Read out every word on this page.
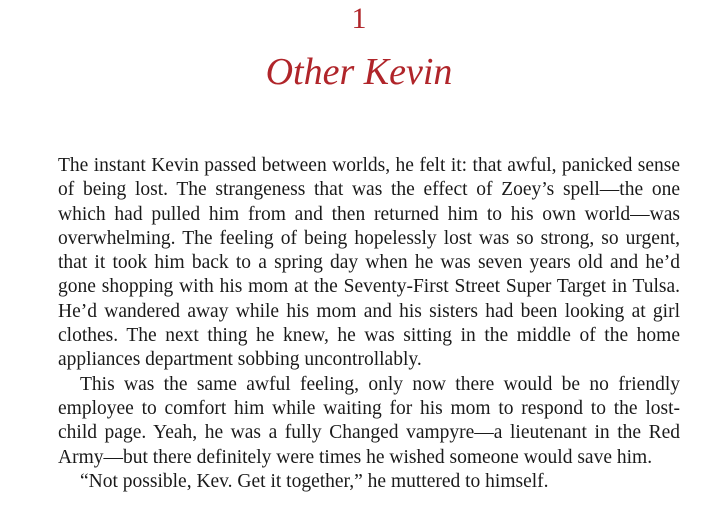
1
Other Kevin

The instant Kevin passed between worlds, he felt it: that awful, panicked sense of being lost. The strangeness that was the effect of Zoey’s spell—the one which had pulled him from and then returned him to his own world—was overwhelming. The feeling of being hopelessly lost was so strong, so urgent, that it took him back to a spring day when he was seven years old and he’d gone shopping with his mom at the Seventy-First Street Super Target in Tulsa. He’d wandered away while his mom and his sisters had been looking at girl clothes. The next thing he knew, he was sitting in the middle of the home appliances department sobbing uncontrollably.

This was the same awful feeling, only now there would be no friendly employee to comfort him while waiting for his mom to respond to the lost-child page. Yeah, he was a fully Changed vampyre—a lieutenant in the Red Army—but there definitely were times he wished someone would save him.

“Not possible, Kev. Get it together,” he muttered to himself.
